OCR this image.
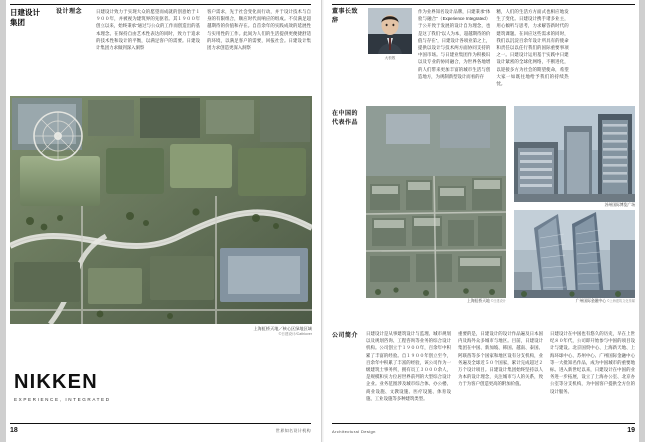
日建设计集团
设计理念	日建设计致力于实现大众的愿望而成就的创意始于１９００年，并被视为建筑界的先驱者。其１９００年创立以来，始终秉承“通过与公众的工作而创造出的基本理念。在保持自由艺术性表达的同时，致力于追求的技术性和设计的平衡，以满足客户的需要。日建设计集团力求做到深入洞察
客户需求，先于社会变化而行动，并于设计技术与自身的有限组合，顺应时代而响应的组成。不仅满足超越期待的价值和存在。自首余年的实践成效的延展性与实用性的工作。此间为人们的生活提供更便捷舒适的环境，以满足客户的需要，回报社会。日建设计集团力求创造更深入洞察
上海虹桥天地／核心区绿地区域
©日建设计/Cathlover
NIKKEN
EXPERIENCE, INTEGRATED
18	世界知名设计机构
董事长致辞
大松敦
作为业界知名设计品牌，日建秉承“体验与融合”（Experience Integrated）于公开致于发展的设计自为理念，也是这了我们“以人为本，超越期待的价值与存在”，日建设计各项业第之上，提供以设计与技术两方面协同支持的中国市场。与日建业集团作为积极识以及专业的协同融合，为世界各地增的人们带来更加丰富的城市生活与创造地方，为规制新型设计而看的存
精，人们的生活方方面式也相应地发生了变化。日建设计携手诸多业主，用心倾听与思考，力求解答新时代的建筑课题。在回应这些需求的同时，我们以沉淀百余年设计所具有的使命和责任以以任行我们的国际重要事项之一。日建设计运用基于实践中日建设计紧密的全球化网络，不断进化，以迎接多方为社会的期望使命，希望大家一如既往地给予我们的持续热忱。
在中国的代表作品
上海虹桥天地 ©日建设计
苏州国际博览广场
广州国际金融中心 ©上海建筑文化传媒
公司简介	日建设计是从事建筑设计与监理、城市规划以及规划咨询、工程咨询等业务的综合设计机构。公司创立于１９００年，百余年中积累了丰富的经验。自１９００年创立至今，百余年中积累了丰富的经验，该公司作为一级建筑士事务所，拥有员工３０００余人，是规模和实力位居世界前列的大型综合设计企业。业务范围涉及城市综合体、办公楼、商业设施、文教设施、医疗设施、体育设施、工业设施等多种建筑类型。
重要的是，日建设计的设计作品遍及日本国内及海外众多城市与地区。目前，日建设计集团在中国、新加坡、韩国、越南、泰国、阿联酋等多个国家和地区设有分支机构，业务遍及全球近５０个国家，累计完成超过２万个设计项目。日建设计集团始终坚持以人为本的设计理念，关注城市与人的关系，致力于为客户创造更高的附加价值。
日建设计在中国也有悠久的历史，早在上世纪８０年代，公司即开始参与中国的项目设计与建设。北京国贸中心、上海新天地、上海环球中心、苏州中心、广州国际金融中心等一大批知名作品，成为中国城市的重要地标。进入新世纪以来，日建设计在中国的业务进一步拓展，设立了上海办公室、北京办公室等分支机构，为中国客户提供全方位的设计服务。
Architectural Design	19
